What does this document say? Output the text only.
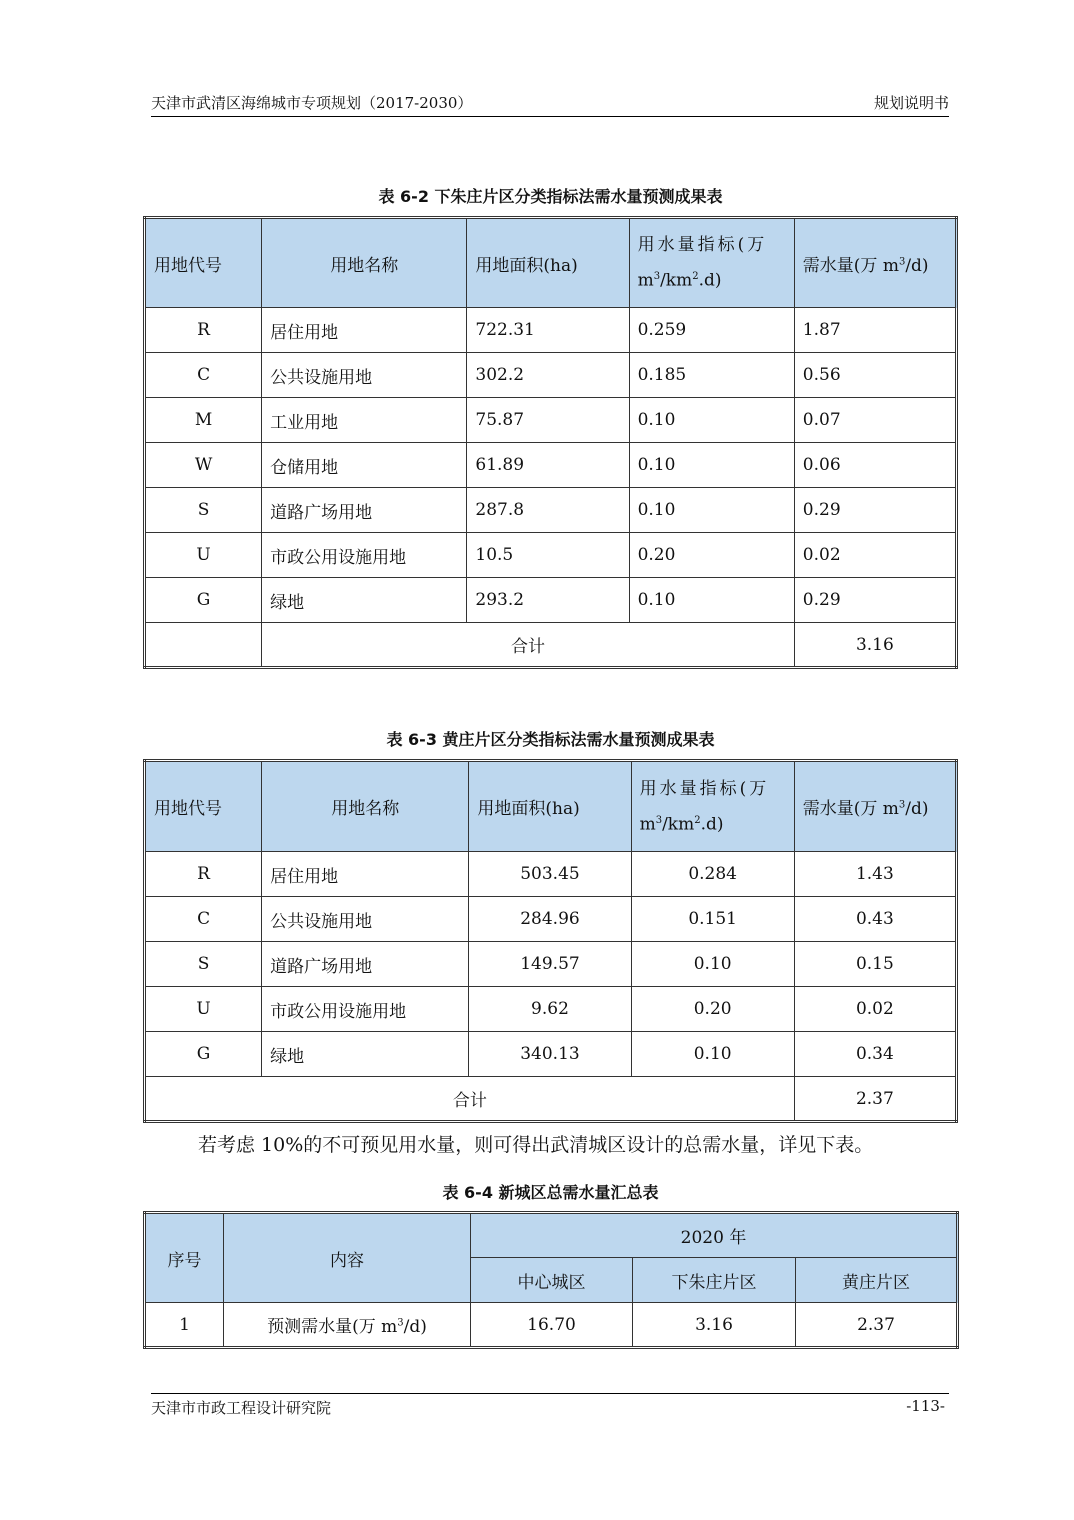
天津市武清区海绵城市专项规划（2017-2030）	规划说明书
表 6-2 下朱庄片区分类指标法需水量预测成果表
用地代号	用地名称	用地面积(ha)	用水量指标(万
$m^3/km^2.d$)	需水量(万 $m^3/d$)
R	居住用地	722.31	0.259	1.87
C	公共设施用地	302.2	0.185	0.56
M	工业用地	75.87	0.10	0.07
W	仓储用地	61.89	0.10	0.06
S	道路广场用地	287.8	0.10	0.29
U	市政公用设施用地	10.5	0.20	0.02
G	绿地	293.2	0.10	0.29
	合计			3.16
表 6-3 黄庄片区分类指标法需水量预测成果表
用地代号	用地名称	用地面积(ha)	用水量指标(万
$m^3/km^2.d$)	需水量(万 $m^3/d$)
R	居住用地	503.45	0.284	1.43
C	公共设施用地	284.96	0.151	0.43
S	道路广场用地	149.57	0.10	0.15
U	市政公用设施用地	9.62	0.20	0.02
G	绿地	340.13	0.10	0.34
合计				2.37
若考虑 10%的不可预见用水量，则可得出武清城区设计的总需水量，详见下表。
表 6-4 新城区总需水量汇总表
序号	内容	2020 年		
		中心城区	下朱庄片区	黄庄片区
1	预测需水量(万 $m^3/d$)	16.70	3.16	2.37
天津市市政工程设计研究院	-113-
